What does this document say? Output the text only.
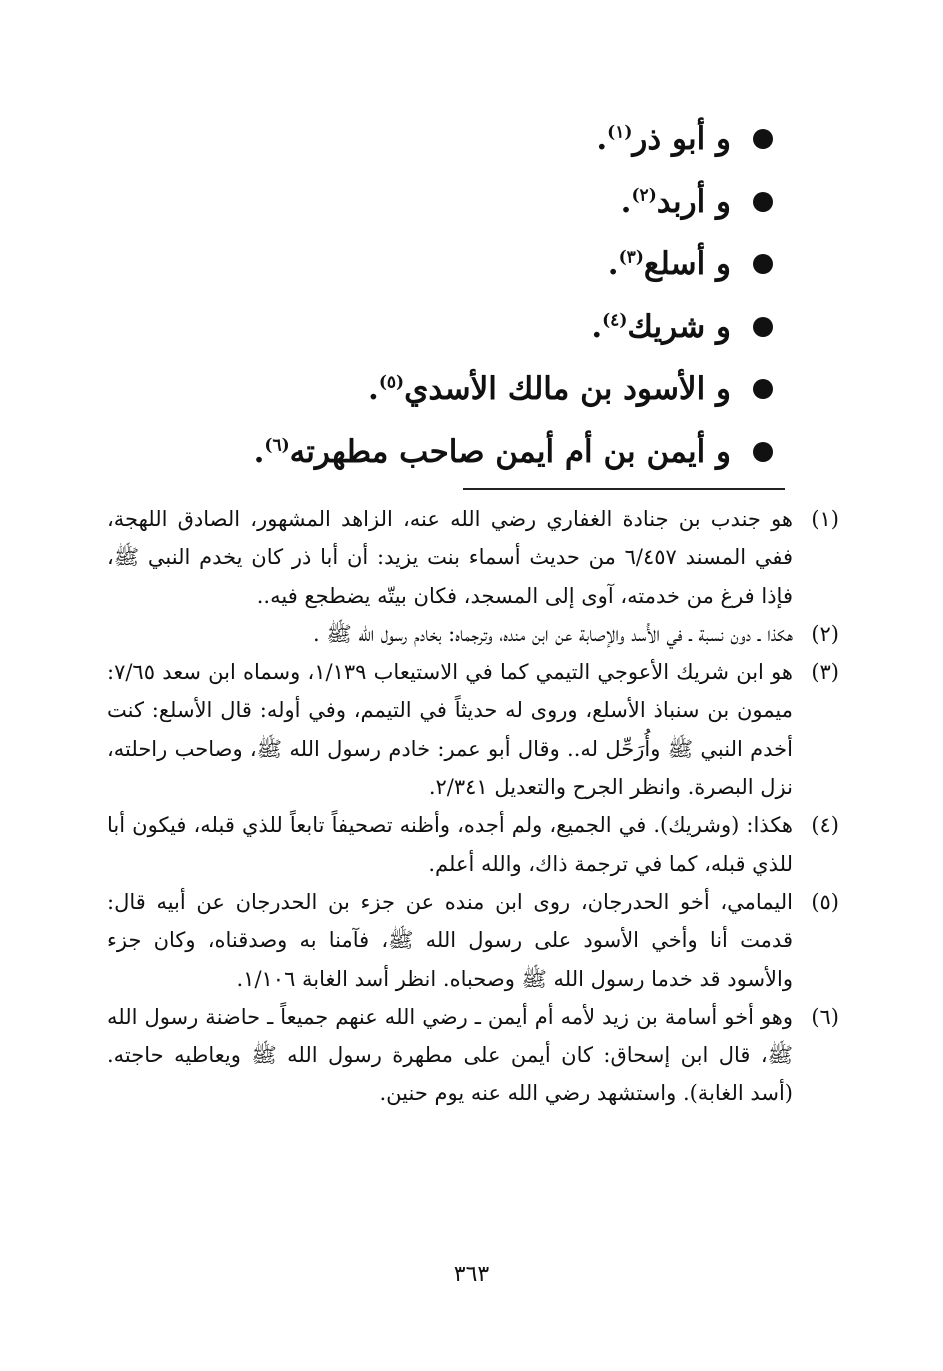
و أبو ذر$^{(١)}$.
و أربد$^{(٢)}$.
و أسلع$^{(٣)}$.
و شريك$^{(٤)}$.
و الأسود بن مالك الأسدي$^{(٥)}$.
و أيمن بن أم أيمن صاحب مطهرته$^{(٦)}$.
(١)
هو جندب بن جنادة الغفاري رضي الله عنه، الزاهد المشهور، الصادق اللهجة، ففي المسند ٦/٤٥٧ من حديث أسماء بنت يزيد: أن أبا ذر كان يخدم النبي ﷺ، فإذا فرغ من خدمته، آوى إلى المسجد، فكان بيتّه يضطجع فيه..
(٢)
هكذا ـ دون نسبة ـ في الأُسد والإصابة عن ابن منده، وترجماه: بخادم رسول الله ﷺ .
(٣)
هو ابن شريك الأعوجي التيمي كما في الاستيعاب ١/١٣٩، وسماه ابن سعد ٧/٦٥: ميمون بن سنباذ الأسلع، وروى له حديثاً في التيمم، وفي أوله: قال الأسلع: كنت أخدم النبي ﷺ وأُرَحِّل له.. وقال أبو عمر: خادم رسول الله ﷺ، وصاحب راحلته، نزل البصرة. وانظر الجرح والتعديل ٢/٣٤١.
(٤)
هكذا: (وشريك). في الجميع، ولم أجده، وأظنه تصحيفاً تابعاً للذي قبله، فيكون أبا للذي قبله، كما في ترجمة ذاك، والله أعلم.
(٥)
اليمامي، أخو الحدرجان، روى ابن منده عن جزء بن الحدرجان عن أبيه قال: قدمت أنا وأخي الأسود على رسول الله ﷺ، فآمنا به وصدقناه، وكان جزء والأسود قد خدما رسول الله ﷺ وصحباه. انظر أسد الغابة ١/١٠٦.
(٦)
وهو أخو أسامة بن زيد لأمه أم أيمن ـ رضي الله عنهم جميعاً ـ حاضنة رسول الله ﷺ، قال ابن إسحاق: كان أيمن على مطهرة رسول الله ﷺ ويعاطيه حاجته. (أسد الغابة). واستشهد رضي الله عنه يوم حنين.
٣٦٣
